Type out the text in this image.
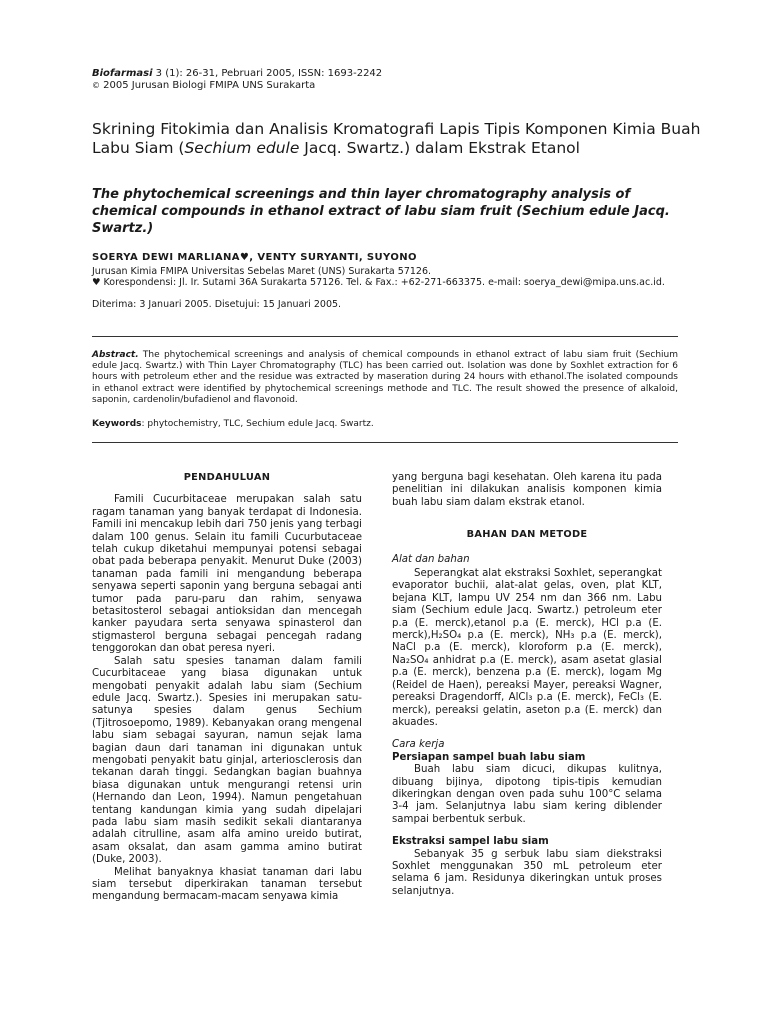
Biofarmasi 3 (1): 26-31, Pebruari 2005, ISSN: 1693-2242
© 2005 Jurusan Biologi FMIPA UNS Surakarta
Skrining Fitokimia dan Analisis Kromatografi Lapis Tipis Komponen Kimia Buah Labu Siam (Sechium edule Jacq. Swartz.) dalam Ekstrak Etanol
The phytochemical screenings and thin layer chromatography analysis of chemical compounds in ethanol extract of labu siam fruit (Sechium edule Jacq. Swartz.)
SOERYA DEWI MARLIANA♥, VENTY SURYANTI, SUYONO
Jurusan Kimia FMIPA Universitas Sebelas Maret (UNS) Surakarta 57126.
♥ Korespondensi: Jl. Ir. Sutami 36A Surakarta 57126. Tel. & Fax.: +62-271-663375. e-mail: soerya_dewi@mipa.uns.ac.id.
Diterima: 3 Januari 2005. Disetujui: 15 Januari 2005.
Abstract. The phytochemical screenings and analysis of chemical compounds in ethanol extract of labu siam fruit (Sechium edule Jacq. Swartz.) with Thin Layer Chromatography (TLC) has been carried out. Isolation was done by Soxhlet extraction for 6 hours with petroleum ether and the residue was extracted by maseration during 24 hours with ethanol.The isolated compounds in ethanol extract were identified by phytochemical screenings methode and TLC. The result showed the presence of alkaloid, saponin, cardenolin/bufadienol and flavonoid.
Keywords: phytochemistry, TLC, Sechium edule Jacq. Swartz.
PENDAHULUAN

Famili Cucurbitaceae merupakan salah satu ragam tanaman yang banyak terdapat di Indonesia. Famili ini mencakup lebih dari 750 jenis yang terbagi dalam 100 genus. Selain itu famili Cucurbutaceae telah cukup diketahui mempunyai potensi sebagai obat pada beberapa penyakit. Menurut Duke (2003) tanaman pada famili ini mengandung beberapa senyawa seperti saponin yang berguna sebagai anti tumor pada paru-paru dan rahim, senyawa betasitosterol sebagai antioksidan dan mencegah kanker payudara serta senyawa spinasterol dan stigmasterol berguna sebagai pencegah radang tenggorokan dan obat peresa nyeri.

Salah satu spesies tanaman dalam famili Cucurbitaceae yang biasa digunakan untuk mengobati penyakit adalah labu siam (Sechium edule Jacq. Swartz.). Spesies ini merupakan satu-satunya spesies dalam genus Sechium (Tjitrosoepomo, 1989). Kebanyakan orang mengenal labu siam sebagai sayuran, namun sejak lama bagian daun dari tanaman ini digunakan untuk mengobati penyakit batu ginjal, arteriosclerosis dan tekanan darah tinggi. Sedangkan bagian buahnya biasa digunakan untuk mengurangi retensi urin (Hernando dan Leon, 1994). Namun pengetahuan tentang kandungan kimia yang sudah dipelajari pada labu siam masih sedikit sekali diantaranya adalah citrulline, asam alfa amino ureido butirat, asam oksalat, dan asam gamma amino butirat (Duke, 2003).

Melihat banyaknya khasiat tanaman dari labu siam tersebut diperkirakan tanaman tersebut mengandung bermacam-macam senyawa kimia

yang berguna bagi kesehatan. Oleh karena itu pada penelitian ini dilakukan analisis komponen kimia buah labu siam dalam ekstrak etanol.

BAHAN DAN METODE
Alat dan bahan

Seperangkat alat ekstraksi Soxhlet, seperangkat evaporator buchii, alat-alat gelas, oven, plat KLT, bejana KLT, lampu UV 254 nm dan 366 nm. Labu siam (Sechium edule Jacq. Swartz.) petroleum eter p.a (E. merck),etanol p.a (E. merck), HCl p.a (E. merck),H₂SO₄ p.a (E. merck), NH₃ p.a (E. merck), NaCl p.a (E. merck), kloroform p.a (E. merck), Na₂SO₄ anhidrat p.a (E. merck), asam asetat glasial p.a (E. merck), benzena p.a (E. merck), logam Mg (Reidel de Haen), pereaksi Mayer, pereaksi Wagner, pereaksi Dragendorff, AlCl₃ p.a (E. merck), FeCl₃ (E. merck), pereaksi gelatin, aseton p.a (E. merck) dan akuades.

Cara kerja
Persiapan sampel buah labu siam

Buah labu siam dicuci, dikupas kulitnya, dibuang bijinya, dipotong tipis-tipis kemudian dikeringkan dengan oven pada suhu 100°C selama 3-4 jam. Selanjutnya labu siam kering diblender sampai berbentuk serbuk.

Ekstraksi sampel labu siam

Sebanyak 35 g serbuk labu siam diekstraksi Soxhlet menggunakan 350 mL petroleum eter selama 6 jam. Residunya dikeringkan untuk proses selanjutnya.
